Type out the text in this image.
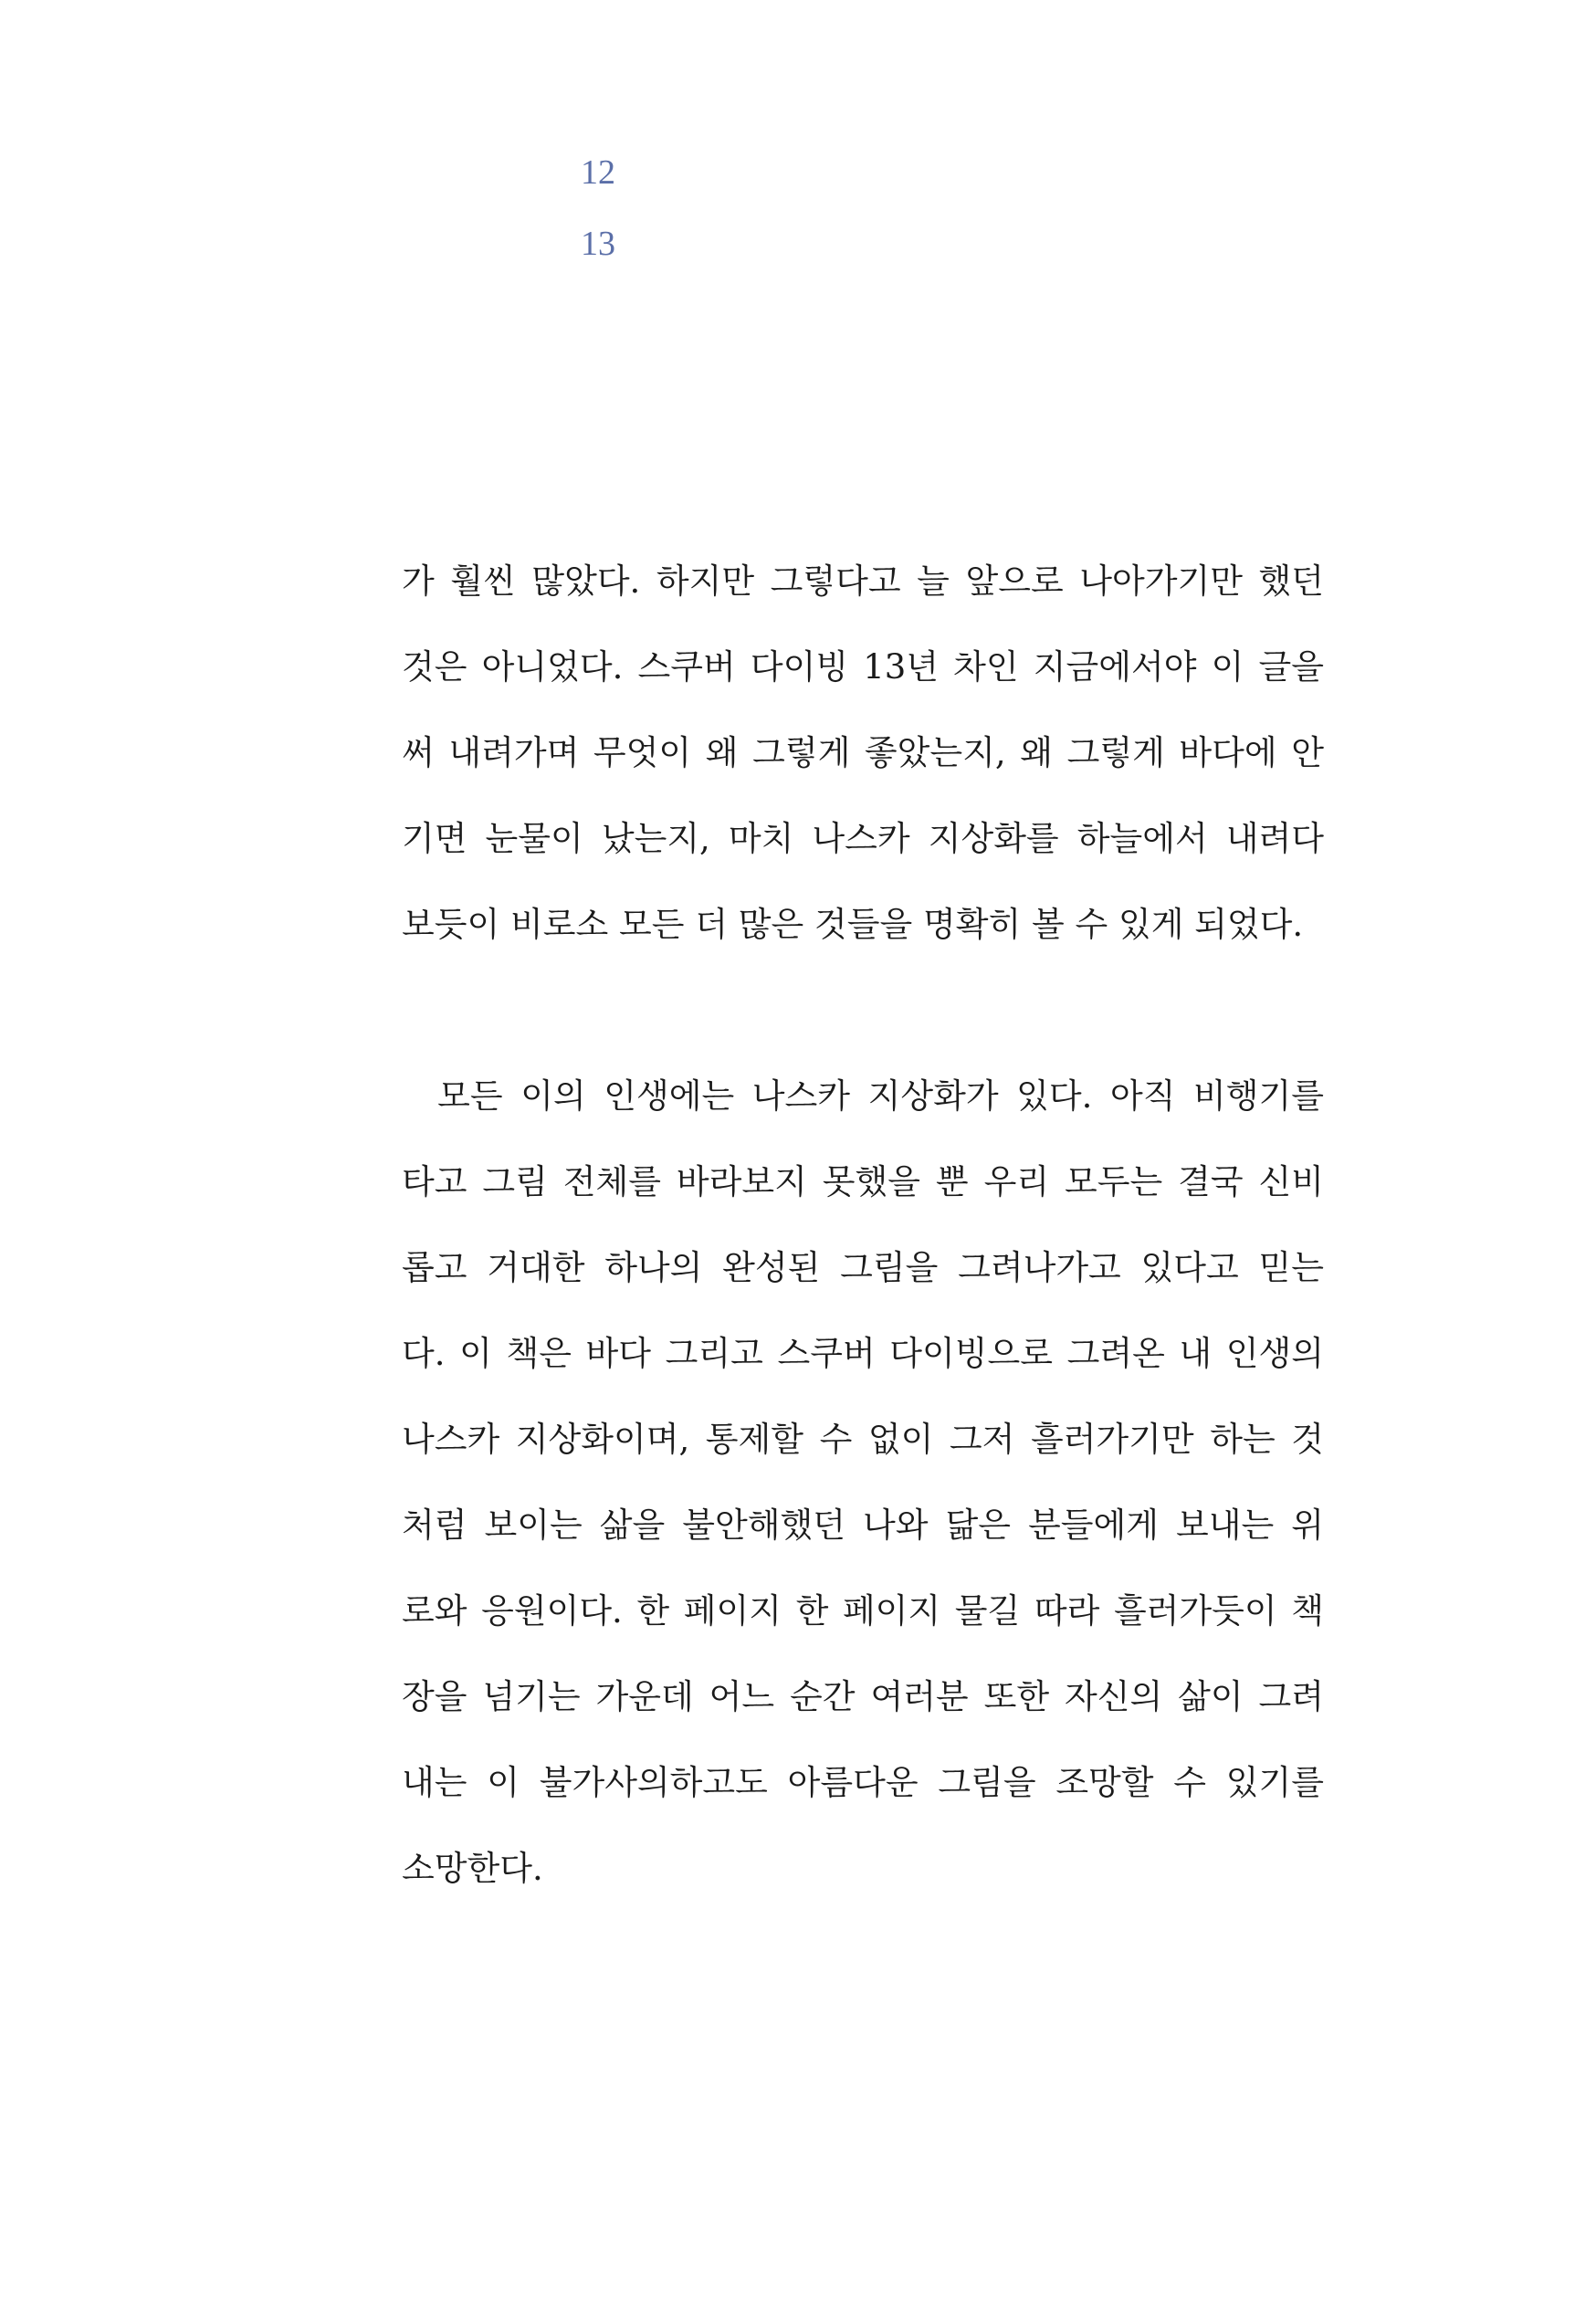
12
13
가 훨씬 많았다. 하지만 그렇다고 늘 앞으로 나아가기만 했던
것은 아니었다. 스쿠버 다이빙 13년 차인 지금에서야 이 글을
써 내려가며 무엇이 왜 그렇게 좋았는지, 왜 그렇게 바다에 안
기면 눈물이 났는지, 마치 나스카 지상화를 하늘에서 내려다
보듯이 비로소 모든 더 많은 것들을 명확히 볼 수 있게 되었다.
모든 이의 인생에는 나스카 지상화가 있다. 아직 비행기를
타고 그림 전체를 바라보지 못했을 뿐 우리 모두는 결국 신비
롭고 거대한 하나의 완성된 그림을 그려나가고 있다고 믿는
다. 이 책은 바다 그리고 스쿠버 다이빙으로 그려온 내 인생의
나스카 지상화이며, 통제할 수 없이 그저 흘러가기만 하는 것
처럼 보이는 삶을 불안해했던 나와 닮은 분들에게 보내는 위
로와 응원이다. 한 페이지 한 페이지 물길 따라 흘러가듯이 책
장을 넘기는 가운데 어느 순간 여러분 또한 자신의 삶이 그려
내는 이 불가사의하고도 아름다운 그림을 조망할 수 있기를
소망한다.
